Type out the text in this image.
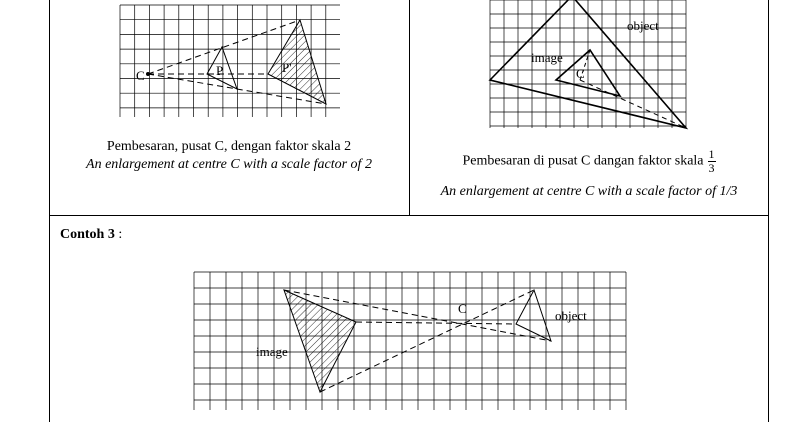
C	P	P'
Pembesaran, pusat C, dengan faktor skala 2
An enlargement at centre C with a scale factor of 2
object
image
C
Pembesaran di pusat C dangan faktor skala $\frac{1}{3}$
An enlargement at centre C with a scale factor of 1/3
Contoh 3 :
C	object
image
